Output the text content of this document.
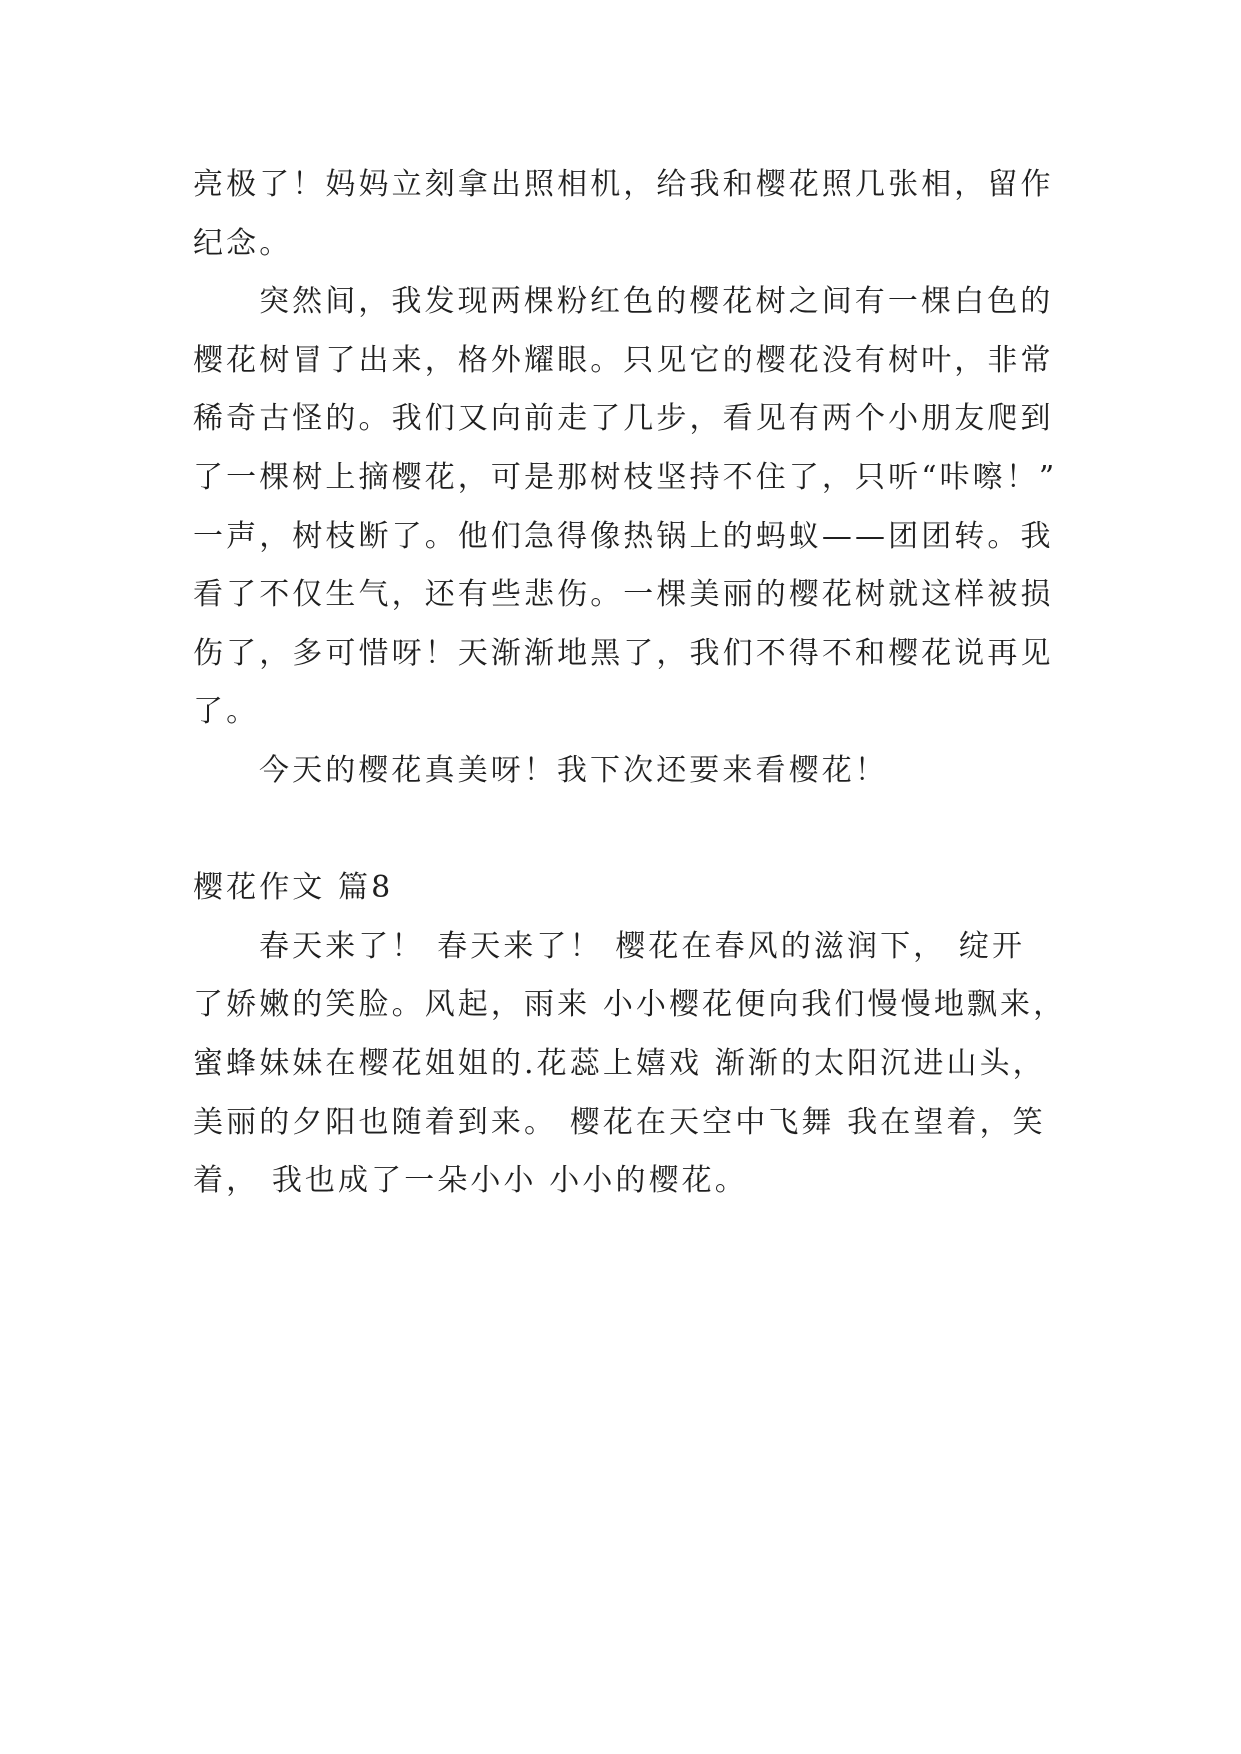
亮极了！妈妈立刻拿出照相机，给我和樱花照几张相，留作
纪念。
突然间，我发现两棵粉红色的樱花树之间有一棵白色的
樱花树冒了出来，格外耀眼。只见它的樱花没有树叶，非常
稀奇古怪的。我们又向前走了几步，看见有两个小朋友爬到
了一棵树上摘樱花，可是那树枝坚持不住了，只听“咔嚓！”
一声，树枝断了。他们急得像热锅上的蚂蚁——团团转。我
看了不仅生气，还有些悲伤。一棵美丽的樱花树就这样被损
伤了，多可惜呀！天渐渐地黑了，我们不得不和樱花说再见
了。
今天的樱花真美呀！我下次还要来看樱花！
樱花作文 篇8
春天来了！ 春天来了！ 樱花在春风的滋润下， 绽开
了娇嫩的笑脸。风起，雨来 小小樱花便向我们慢慢地飘来，
蜜蜂妹妹在樱花姐姐的.花蕊上嬉戏 渐渐的太阳沉进山头，
美丽的夕阳也随着到来。 樱花在天空中飞舞 我在望着，笑
着， 我也成了一朵小小 小小的樱花。
